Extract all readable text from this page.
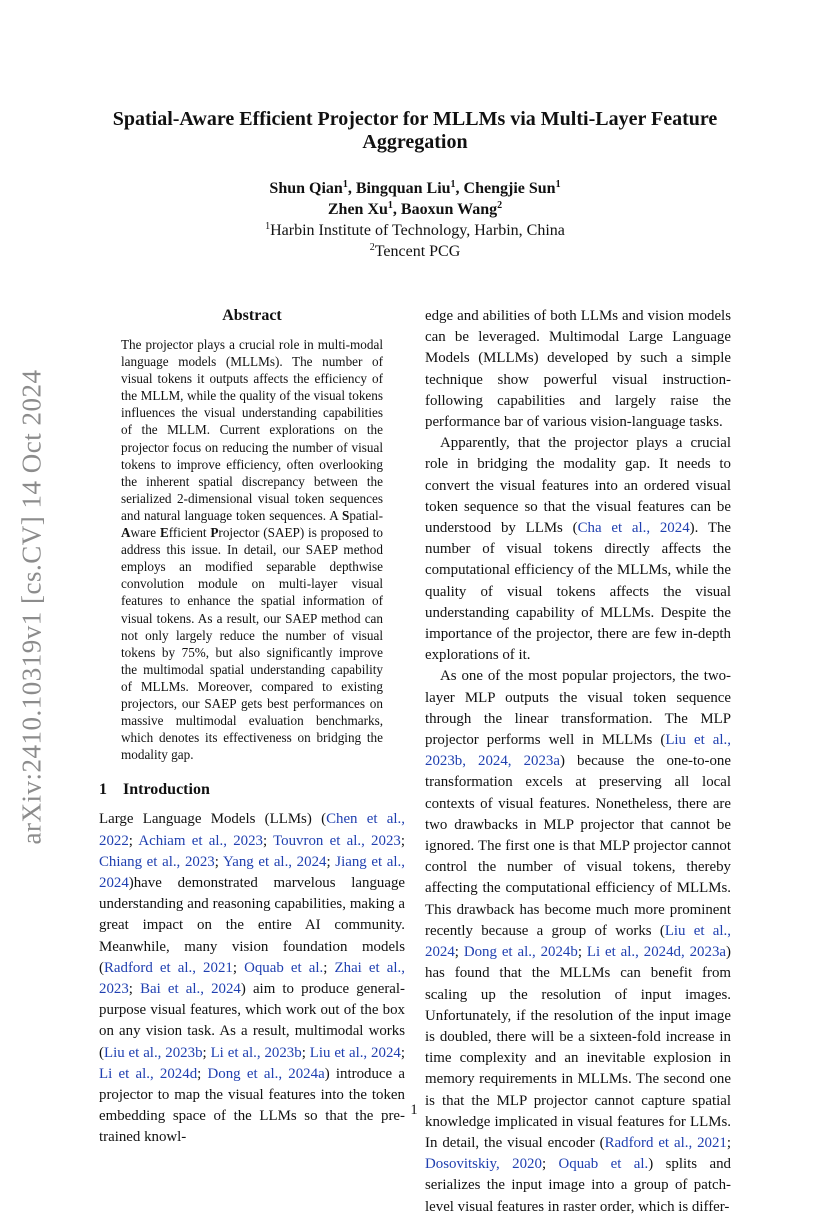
arXiv:2410.10319v1 [cs.CV] 14 Oct 2024
Spatial-Aware Efficient Projector for MLLMs via Multi-Layer Feature Aggregation
Shun Qian$^1$, Bingquan Liu$^1$, Chengjie Sun$^1$
Zhen Xu$^1$, Baoxun Wang$^2$
$^1$Harbin Institute of Technology, Harbin, China
$^2$Tencent PCG
Abstract

The projector plays a crucial role in multi-modal language models (MLLMs). The number of visual tokens it outputs affects the efficiency of the MLLM, while the quality of the visual tokens influences the visual understanding capabilities of the MLLM. Current explorations on the projector focus on reducing the number of visual tokens to improve efficiency, often overlooking the inherent spatial discrepancy between the serialized 2-dimensional visual token sequences and natural language token sequences. A Spatial-Aware Efficient Projector (SAEP) is proposed to address this issue. In detail, our SAEP method employs an modified separable depthwise convolution module on multi-layer visual features to enhance the spatial information of visual tokens. As a result, our SAEP method can not only largely reduce the number of visual tokens by 75%, but also significantly improve the multimodal spatial understanding capability of MLLMs. Moreover, compared to existing projectors, our SAEP gets best performances on massive multimodal evaluation benchmarks, which denotes its effectiveness on bridging the modality gap.

1 Introduction

Large Language Models (LLMs) (Chen et al., 2022; Achiam et al., 2023; Touvron et al., 2023; Chiang et al., 2023; Yang et al., 2024; Jiang et al., 2024)have demonstrated marvelous language understanding and reasoning capabilities, making a great impact on the entire AI community. Meanwhile, many vision foundation models (Radford et al., 2021; Oquab et al.; Zhai et al., 2023; Bai et al., 2024) aim to produce general-purpose visual features, which work out of the box on any vision task. As a result, multimodal works (Liu et al., 2023b; Li et al., 2023b; Liu et al., 2024; Li et al., 2024d; Dong et al., 2024a) introduce a projector to map the visual features into the token embedding space of the LLMs so that the pre-trained knowl-

edge and abilities of both LLMs and vision models can be leveraged. Multimodal Large Language Models (MLLMs) developed by such a simple technique show powerful visual instruction-following capabilities and largely raise the performance bar of various vision-language tasks.

Apparently, that the projector plays a crucial role in bridging the modality gap. It needs to convert the visual features into an ordered visual token sequence so that the visual features can be understood by LLMs (Cha et al., 2024). The number of visual tokens directly affects the computational efficiency of the MLLMs, while the quality of visual tokens affects the visual understanding capability of MLLMs. Despite the importance of the projector, there are few in-depth explorations of it.

As one of the most popular projectors, the two-layer MLP outputs the visual token sequence through the linear transformation. The MLP projector performs well in MLLMs (Liu et al., 2023b, 2024, 2023a) because the one-to-one transformation excels at preserving all local contexts of visual features. Nonetheless, there are two drawbacks in MLP projector that cannot be ignored. The first one is that MLP projector cannot control the number of visual tokens, thereby affecting the computational efficiency of MLLMs. This drawback has become much more prominent recently because a group of works (Liu et al., 2024; Dong et al., 2024b; Li et al., 2024d, 2023a) has found that the MLLMs can benefit from scaling up the resolution of input images. Unfortunately, if the resolution of the input image is doubled, there will be a sixteen-fold increase in time complexity and an inevitable explosion in memory requirements in MLLMs. The second one is that the MLP projector cannot capture spatial knowledge implicated in visual features for LLMs. In detail, the visual encoder (Radford et al., 2021; Dosovitskiy, 2020; Oquab et al.) splits and serializes the input image into a group of patch-level visual features in raster order, which is differ-

1
